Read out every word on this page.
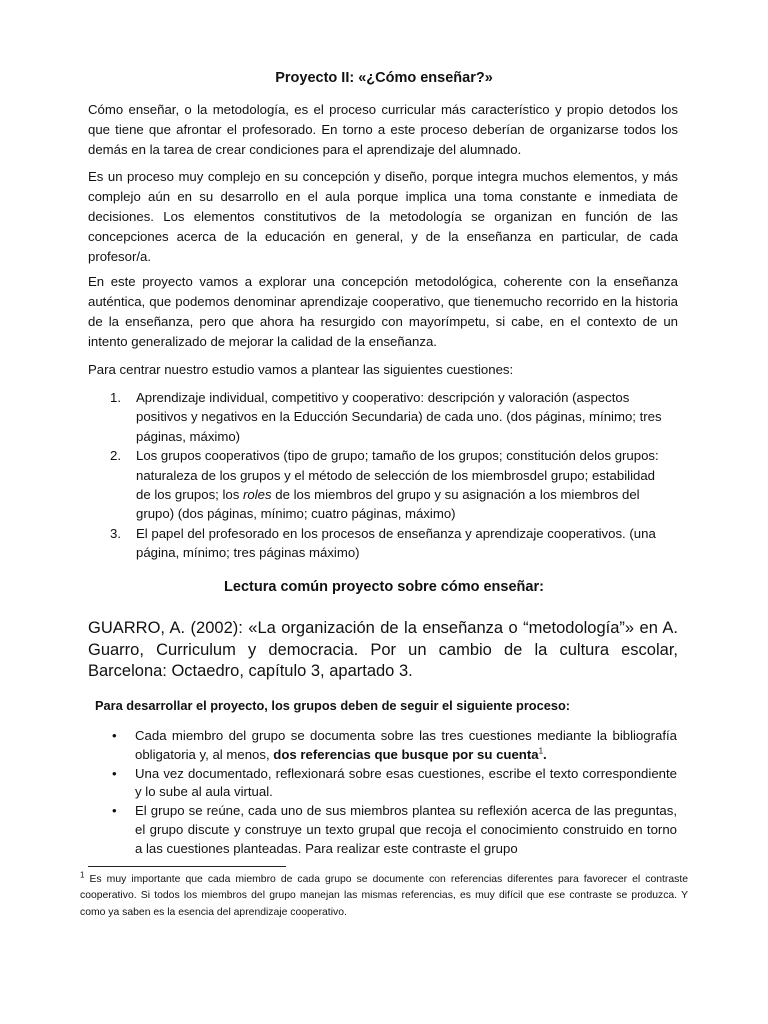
Proyecto II: «¿Cómo enseñar?»

Cómo enseñar, o la metodología, es el proceso curricular más característico y propio detodos los que tiene que afrontar el profesorado. En torno a este proceso deberían de organizarse todos los demás en la tarea de crear condiciones para el aprendizaje del alumnado.

Es un proceso muy complejo en su concepción y diseño, porque integra muchos elementos, y más complejo aún en su desarrollo en el aula porque implica una toma constante e inmediata de decisiones. Los elementos constitutivos de la metodología se organizan en función de las concepciones acerca de la educación en general, y de la enseñanza en particular, de cada profesor/a.

En este proyecto vamos a explorar una concepción metodológica, coherente con la enseñanza auténtica, que podemos denominar aprendizaje cooperativo, que tienemucho recorrido en la historia de la enseñanza, pero que ahora ha resurgido con mayorímpetu, si cabe, en el contexto de un intento generalizado de mejorar la calidad de la enseñanza.

Para centrar nuestro estudio vamos a plantear las siguientes cuestiones:

1. Aprendizaje individual, competitivo y cooperativo: descripción y valoración (aspectos positivos y negativos en la Educción Secundaria) de cada uno. (dos páginas, mínimo; tres páginas, máximo)
2. Los grupos cooperativos (tipo de grupo; tamaño de los grupos; constitución delos grupos: naturaleza de los grupos y el método de selección de los miembrosdel grupo; estabilidad de los grupos; los roles de los miembros del grupo y su asignación a los miembros del grupo) (dos páginas, mínimo; cuatro páginas, máximo)
3. El papel del profesorado en los procesos de enseñanza y aprendizaje cooperativos. (una página, mínimo; tres páginas máximo)
Lectura común proyecto sobre cómo enseñar:

GUARRO, A. (2002): «La organización de la enseñanza o “metodología”» en A. Guarro, Curriculum y democracia. Por un cambio de la cultura escolar, Barcelona: Octaedro, capítulo 3, apartado 3.

Para desarrollar el proyecto, los grupos deben de seguir el siguiente proceso:

• Cada miembro del grupo se documenta sobre las tres cuestiones mediante la bibliografía obligatoria y, al menos, dos referencias que busque por su cuenta$^1$.
• Una vez documentado, reflexionará sobre esas cuestiones, escribe el texto correspondiente y lo sube al aula virtual.
• El grupo se reúne, cada uno de sus miembros plantea su reflexión acerca de las preguntas, el grupo discute y construye un texto grupal que recoja el conocimiento construido en torno a las cuestiones planteadas. Para realizar este contraste el grupo

$^1$ Es muy importante que cada miembro de cada grupo se documente con referencias diferentes para favorecer el contraste cooperativo. Si todos los miembros del grupo manejan las mismas referencias, es muy difícil que ese contraste se produzca. Y como ya saben es la esencia del aprendizaje cooperativo.
